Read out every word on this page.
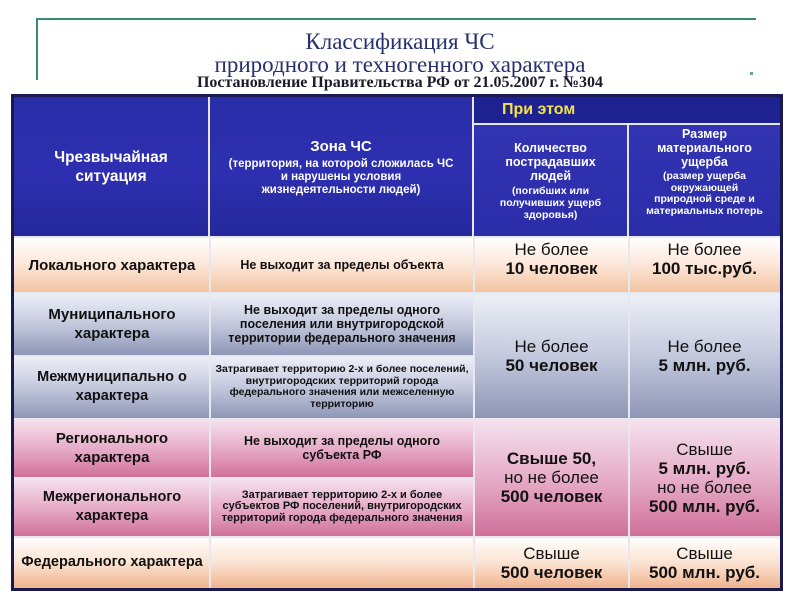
Классификация ЧС
природного и техногенного характера
Постановление Правительства РФ от 21.05.2007 г. №304
Чрезвычайная ситуация
Зона ЧС
(территория, на которой сложилась ЧС и нарушены условия жизнедеятельности людей)
При этом
Количество пострадавших людей
(погибших или получивших ущерб здоровья)
Размер материального ущерба
(размер ущерба окружающей природной среде и материальных потерь
Локального характера	Не выходит за пределы объекта
Не более
10 человек
Не более
100 тыс.руб.
Муниципального характера
Не выходит за пределы одного поселения или внутригородской территории федерального значения
Межмуниципально о характера
Затрагивает территорию 2-х и более поселений, внутригородских территорий города федерального значения или межселенную территорию
Не более
50 человек
Не более
5 млн. руб.
Регионального характера
Не выходит за пределы одного субъекта РФ
Межрегионального характера
Затрагивает территорию 2-х и более субъектов РФ поселений, внутригородских территорий города федерального значения
Свыше 50,
но не более
500 человек
Свыше
5 млн. руб.
но не более
500 млн. руб.
Федерального характера	Свыше
500 человек
Свыше
500 млн. руб.
